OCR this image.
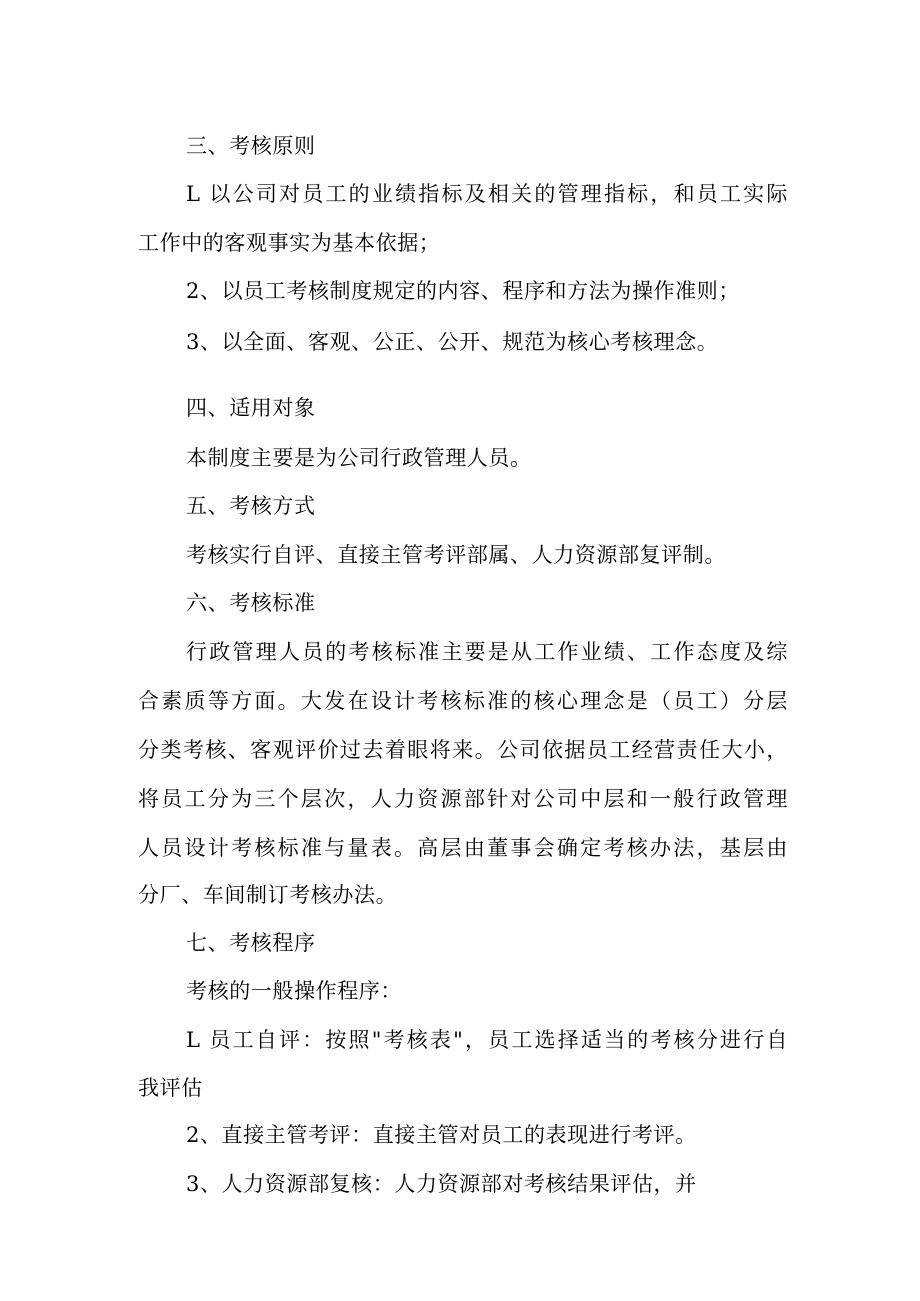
三、考核原则
L 以公司对员工的业绩指标及相关的管理指标，和员工实际
工作中的客观事实为基本依据；
2、以员工考核制度规定的内容、程序和方法为操作准则；
3、以全面、客观、公正、公开、规范为核心考核理念。
四、适用对象
本制度主要是为公司行政管理人员。
五、考核方式
考核实行自评、直接主管考评部属、人力资源部复评制。
六、考核标准
行政管理人员的考核标准主要是从工作业绩、工作态度及综
合素质等方面。大发在设计考核标准的核心理念是（员工）分层
分类考核、客观评价过去着眼将来。公司依据员工经营责任大小，
将员工分为三个层次，人力资源部针对公司中层和一般行政管理
人员设计考核标准与量表。高层由董事会确定考核办法，基层由
分厂、车间制订考核办法。
七、考核程序
考核的一般操作程序：
L 员工自评：按照"考核表"，员工选择适当的考核分进行自
我评估
2、直接主管考评：直接主管对员工的表现进行考评。
3、人力资源部复核：人力资源部对考核结果评估，并
